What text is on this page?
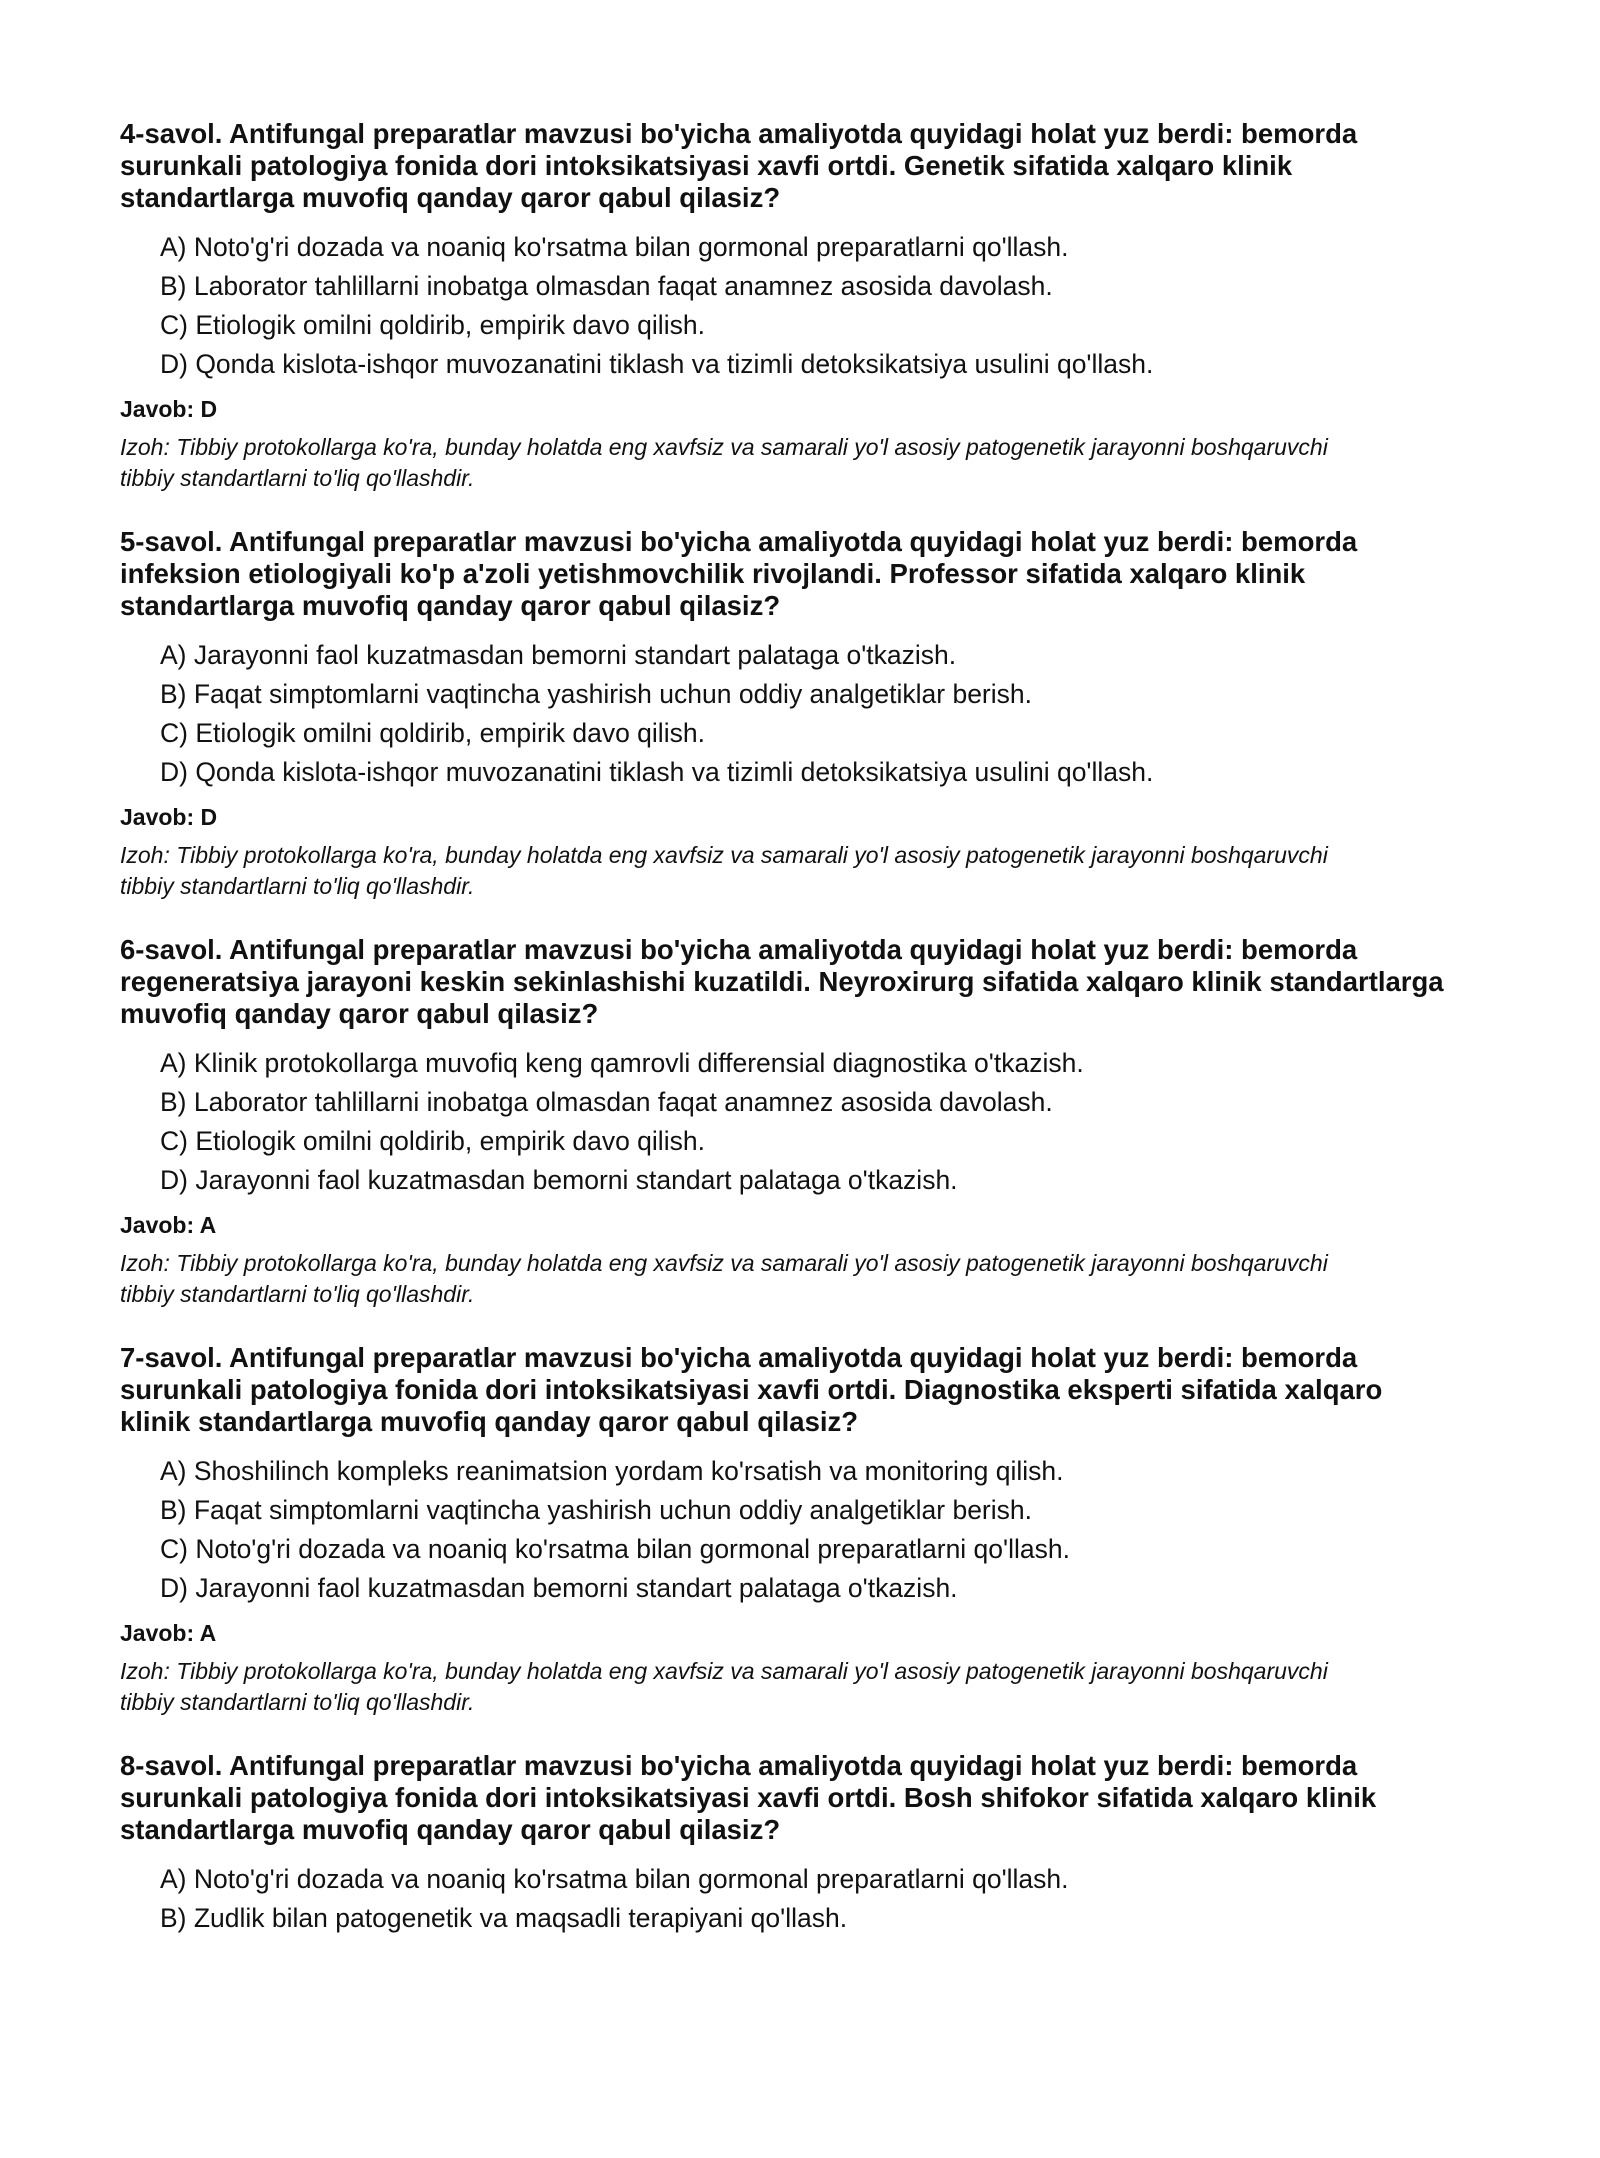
4-savol. Antifungal preparatlar mavzusi bo'yicha amaliyotda quyidagi holat yuz berdi: bemorda surunkali patologiya fonida dori intoksikatsiyasi xavfi ortdi. Genetik sifatida xalqaro klinik standartlarga muvofiq qanday qaror qabul qilasiz?

A) Noto'g'ri dozada va noaniq ko'rsatma bilan gormonal preparatlarni qo'llash.
B) Laborator tahlillarni inobatga olmasdan faqat anamnez asosida davolash.
C) Etiologik omilni qoldirib, empirik davo qilish.
D) Qonda kislota-ishqor muvozanatini tiklash va tizimli detoksikatsiya usulini qo'llash.
Javob: D
Izoh: Tibbiy protokollarga ko'ra, bunday holatda eng xavfsiz va samarali yo'l asosiy patogenetik jarayonni boshqaruvchi tibbiy standartlarni to'liq qo'llashdir.

5-savol. Antifungal preparatlar mavzusi bo'yicha amaliyotda quyidagi holat yuz berdi: bemorda infeksion etiologiyali ko'p a'zoli yetishmovchilik rivojlandi. Professor sifatida xalqaro klinik standartlarga muvofiq qanday qaror qabul qilasiz?

A) Jarayonni faol kuzatmasdan bemorni standart palataga o'tkazish.
B) Faqat simptomlarni vaqtincha yashirish uchun oddiy analgetiklar berish.
C) Etiologik omilni qoldirib, empirik davo qilish.
D) Qonda kislota-ishqor muvozanatini tiklash va tizimli detoksikatsiya usulini qo'llash.
Javob: D
Izoh: Tibbiy protokollarga ko'ra, bunday holatda eng xavfsiz va samarali yo'l asosiy patogenetik jarayonni boshqaruvchi tibbiy standartlarni to'liq qo'llashdir.

6-savol. Antifungal preparatlar mavzusi bo'yicha amaliyotda quyidagi holat yuz berdi: bemorda regeneratsiya jarayoni keskin sekinlashishi kuzatildi. Neyroxirurg sifatida xalqaro klinik standartlarga muvofiq qanday qaror qabul qilasiz?

A) Klinik protokollarga muvofiq keng qamrovli differensial diagnostika o'tkazish.
B) Laborator tahlillarni inobatga olmasdan faqat anamnez asosida davolash.
C) Etiologik omilni qoldirib, empirik davo qilish.
D) Jarayonni faol kuzatmasdan bemorni standart palataga o'tkazish.
Javob: A
Izoh: Tibbiy protokollarga ko'ra, bunday holatda eng xavfsiz va samarali yo'l asosiy patogenetik jarayonni boshqaruvchi tibbiy standartlarni to'liq qo'llashdir.

7-savol. Antifungal preparatlar mavzusi bo'yicha amaliyotda quyidagi holat yuz berdi: bemorda surunkali patologiya fonida dori intoksikatsiyasi xavfi ortdi. Diagnostika eksperti sifatida xalqaro klinik standartlarga muvofiq qanday qaror qabul qilasiz?

A) Shoshilinch kompleks reanimatsion yordam ko'rsatish va monitoring qilish.
B) Faqat simptomlarni vaqtincha yashirish uchun oddiy analgetiklar berish.
C) Noto'g'ri dozada va noaniq ko'rsatma bilan gormonal preparatlarni qo'llash.
D) Jarayonni faol kuzatmasdan bemorni standart palataga o'tkazish.
Javob: A
Izoh: Tibbiy protokollarga ko'ra, bunday holatda eng xavfsiz va samarali yo'l asosiy patogenetik jarayonni boshqaruvchi tibbiy standartlarni to'liq qo'llashdir.

8-savol. Antifungal preparatlar mavzusi bo'yicha amaliyotda quyidagi holat yuz berdi: bemorda surunkali patologiya fonida dori intoksikatsiyasi xavfi ortdi. Bosh shifokor sifatida xalqaro klinik standartlarga muvofiq qanday qaror qabul qilasiz?

A) Noto'g'ri dozada va noaniq ko'rsatma bilan gormonal preparatlarni qo'llash.
B) Zudlik bilan patogenetik va maqsadli terapiyani qo'llash.
